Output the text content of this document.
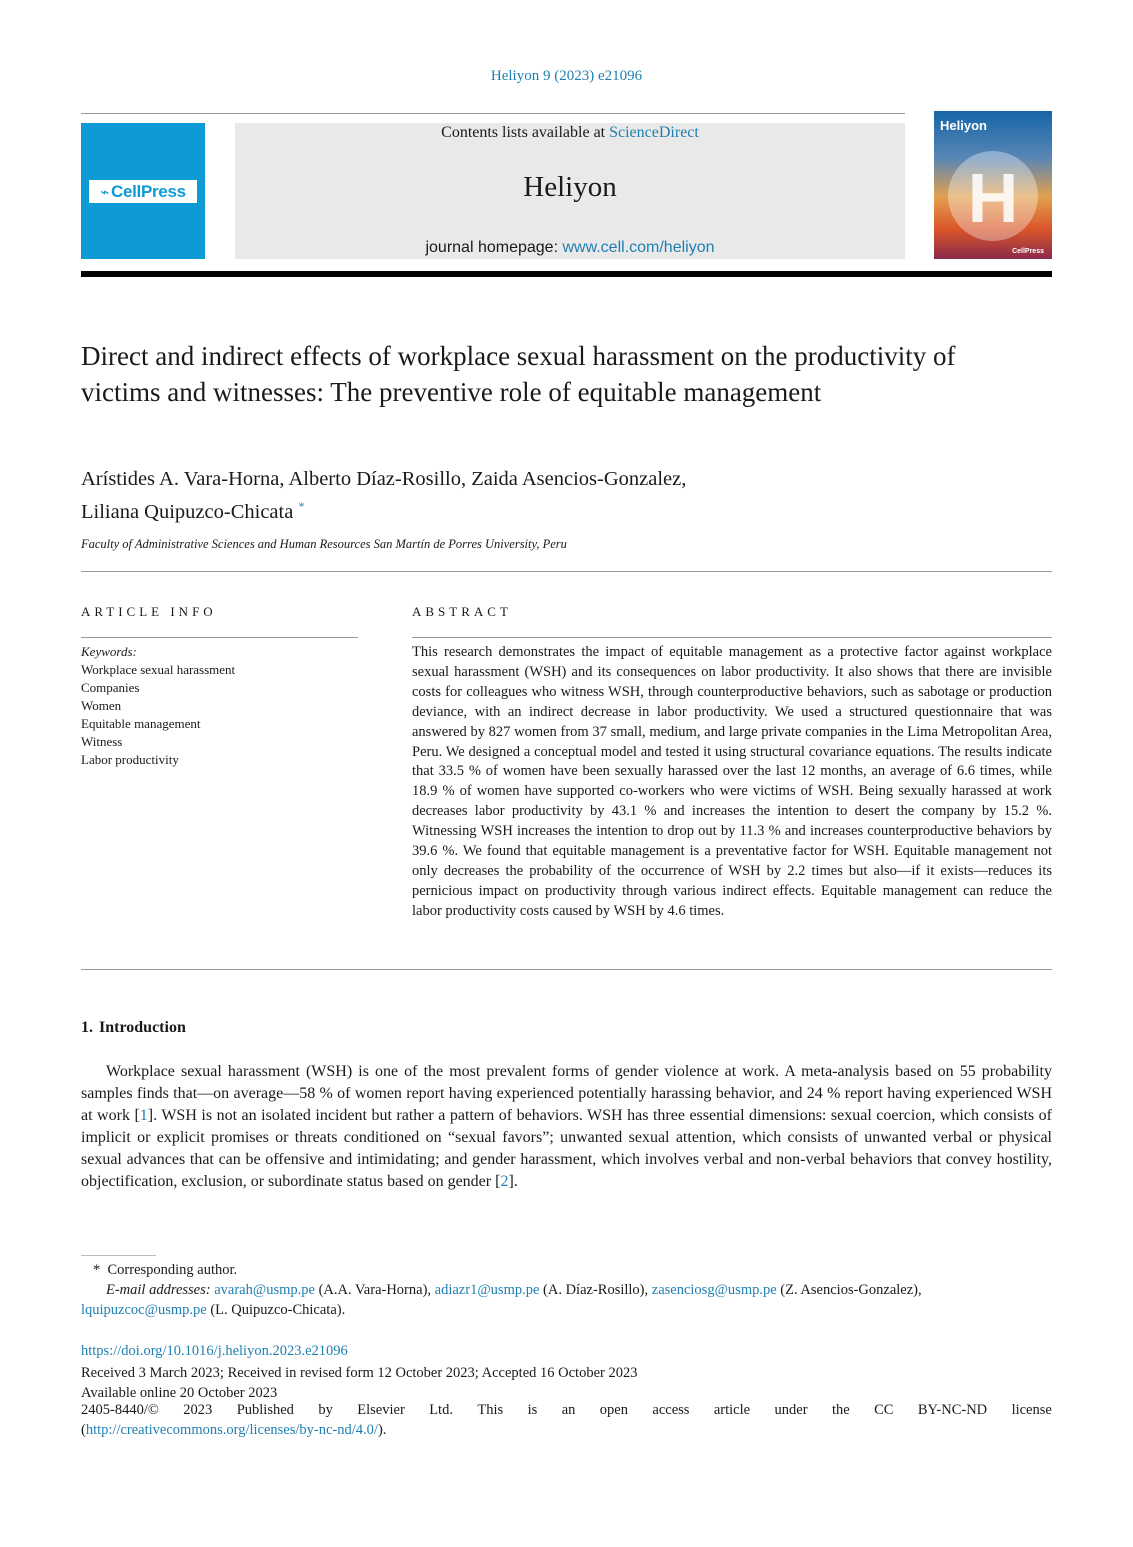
Heliyon 9 (2023) e21096
⌁ CellPress
Contents lists available at ScienceDirect
Heliyon
journal homepage: www.cell.com/heliyon
Heliyon
H
CellPress
Direct and indirect effects of workplace sexual harassment on the productivity of victims and witnesses: The preventive role of equitable management
Arístides A. Vara-Horna, Alberto Díaz-Rosillo, Zaida Asencios-Gonzalez,
Liliana Quipuzco-Chicata *
Faculty of Administrative Sciences and Human Resources San Martín de Porres University, Peru
ARTICLE INFO	ABSTRACT
Keywords:
Workplace sexual harassment
Companies
Women
Equitable management
Witness
Labor productivity

This research demonstrates the impact of equitable management as a protective factor against workplace sexual harassment (WSH) and its consequences on labor productivity. It also shows that there are invisible costs for colleagues who witness WSH, through counterproductive behaviors, such as sabotage or production deviance, with an indirect decrease in labor productivity. We used a structured questionnaire that was answered by 827 women from 37 small, medium, and large private companies in the Lima Metropolitan Area, Peru. We designed a conceptual model and tested it using structural covariance equations. The results indicate that 33.5 % of women have been sexually harassed over the last 12 months, an average of 6.6 times, while 18.9 % of women have supported co-workers who were victims of WSH. Being sexually harassed at work decreases labor productivity by 43.1 % and increases the intention to desert the company by 15.2 %. Witnessing WSH increases the intention to drop out by 11.3 % and increases counterproductive behaviors by 39.6 %. We found that equitable management is a preventative factor for WSH. Equitable management not only decreases the probability of the occurrence of WSH by 2.2 times but also—if it exists—reduces its pernicious impact on productivity through various indirect effects. Equitable management can reduce the labor productivity costs caused by WSH by 4.6 times.

1. Introduction

Workplace sexual harassment (WSH) is one of the most prevalent forms of gender violence at work. A meta-analysis based on 55 probability samples finds that—on average—58 % of women report having experienced potentially harassing behavior, and 24 % report having experienced WSH at work [1]. WSH is not an isolated incident but rather a pattern of behaviors. WSH has three essential dimensions: sexual coercion, which consists of implicit or explicit promises or threats conditioned on “sexual favors”; unwanted sexual attention, which consists of unwanted verbal or physical sexual advances that can be offensive and intimidating; and gender harassment, which involves verbal and non-verbal behaviors that convey hostility, objectification, exclusion, or subordinate status based on gender [2].

* Corresponding author.
E-mail addresses: avarah@usmp.pe (A.A. Vara-Horna), adiazr1@usmp.pe (A. Díaz-Rosillo), zasenciosg@usmp.pe (Z. Asencios-Gonzalez),
lquipuzcoc@usmp.pe (L. Quipuzco-Chicata).
https://doi.org/10.1016/j.heliyon.2023.e21096
Received 3 March 2023; Received in revised form 12 October 2023; Accepted 16 October 2023
Available online 20 October 2023
2405-8440/© 2023 Published by Elsevier Ltd. This is an open access article under the CC BY-NC-ND license
(http://creativecommons.org/licenses/by-nc-nd/4.0/).
